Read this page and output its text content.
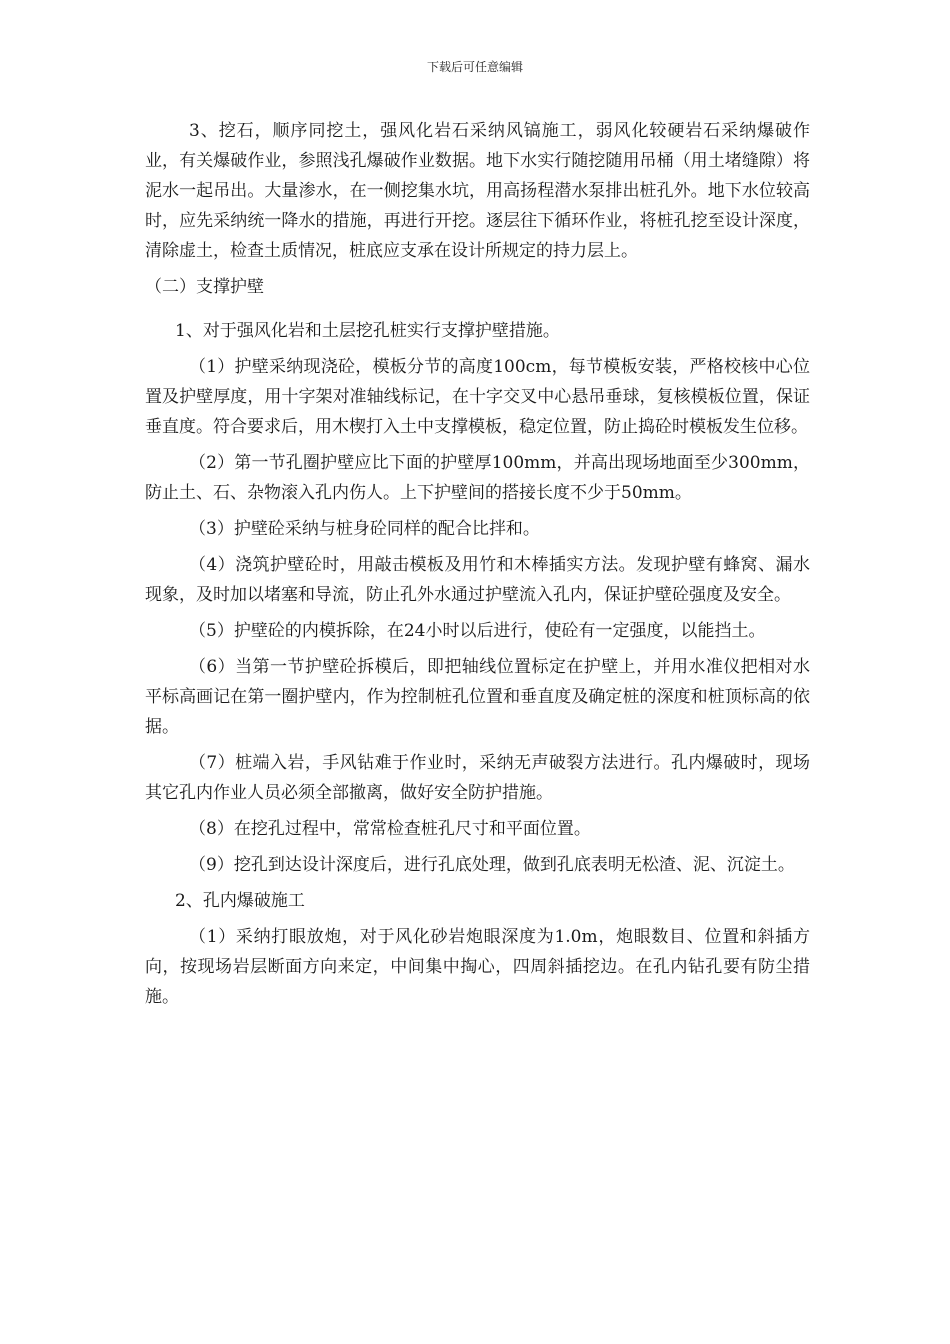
下载后可任意编辑

3、挖石，顺序同挖土，强风化岩石采纳风镐施工，弱风化较硬岩石采纳爆破作业，有关爆破作业，参照浅孔爆破作业数据。地下水实行随挖随用吊桶（用土堵缝隙）将泥水一起吊出。大量渗水，在一侧挖集水坑，用高扬程潜水泵排出桩孔外。地下水位较高时，应先采纳统一降水的措施，再进行开挖。逐层往下循环作业，将桩孔挖至设计深度，清除虚土，检查土质情况，桩底应支承在设计所规定的持力层上。

（二）支撑护壁

1、对于强风化岩和土层挖孔桩实行支撑护壁措施。

（1）护壁采纳现浇砼，模板分节的高度100cm，每节模板安装，严格校核中心位置及护壁厚度，用十字架对准轴线标记，在十字交叉中心悬吊垂球，复核模板位置，保证垂直度。符合要求后，用木楔打入土中支撑模板，稳定位置，防止捣砼时模板发生位移。

（2）第一节孔圈护壁应比下面的护壁厚100mm，并高出现场地面至少300mm，防止土、石、杂物滚入孔内伤人。上下护壁间的搭接长度不少于50mm。

（3）护壁砼采纳与桩身砼同样的配合比拌和。

（4）浇筑护壁砼时，用敲击模板及用竹和木棒插实方法。发现护壁有蜂窝、漏水现象，及时加以堵塞和导流，防止孔外水通过护壁流入孔内，保证护壁砼强度及安全。

（5）护壁砼的内模拆除，在24小时以后进行，使砼有一定强度，以能挡土。

（6）当第一节护壁砼拆模后，即把轴线位置标定在护壁上，并用水准仪把相对水平标高画记在第一圈护壁内，作为控制桩孔位置和垂直度及确定桩的深度和桩顶标高的依据。

（7）桩端入岩，手风钻难于作业时，采纳无声破裂方法进行。孔内爆破时，现场其它孔内作业人员必须全部撤离，做好安全防护措施。

（8）在挖孔过程中，常常检查桩孔尺寸和平面位置。

（9）挖孔到达设计深度后，进行孔底处理，做到孔底表明无松渣、泥、沉淀土。

2、孔内爆破施工

（1）采纳打眼放炮，对于风化砂岩炮眼深度为1.0m，炮眼数目、位置和斜插方向，按现场岩层断面方向来定，中间集中掏心，四周斜插挖边。在孔内钻孔要有防尘措施。
